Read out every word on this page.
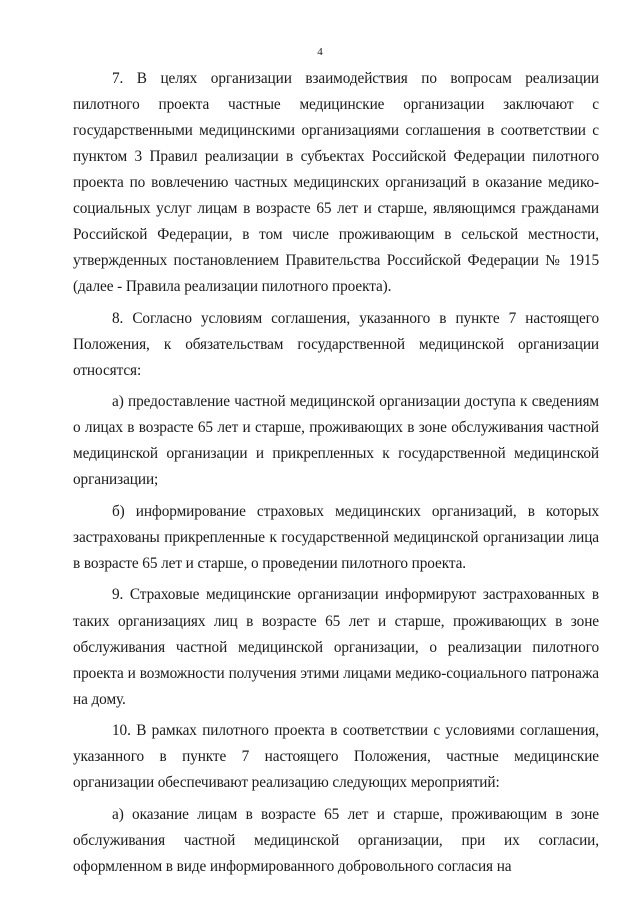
4

7. В целях организации взаимодействия по вопросам реализации пилотного проекта частные медицинские организации заключают с государственными медицинскими организациями соглашения в соответствии с пунктом 3 Правил реализации в субъектах Российской Федерации пилотного проекта по вовлечению частных медицинских организаций в оказание медико-социальных услуг лицам в возрасте 65 лет и старше, являющимся гражданами Российской Федерации, в том числе проживающим в сельской местности, утвержденных постановлением Правительства Российской Федерации № 1915 (далее - Правила реализации пилотного проекта).

8. Согласно условиям соглашения, указанного в пункте 7 настоящего Положения, к обязательствам государственной медицинской организации относятся:

а) предоставление частной медицинской организации доступа к сведениям о лицах в возрасте 65 лет и старше, проживающих в зоне обслуживания частной медицинской организации и прикрепленных к государственной медицинской организации;

б) информирование страховых медицинских организаций, в которых застрахованы прикрепленные к государственной медицинской организации лица в возрасте 65 лет и старше, о проведении пилотного проекта.

9. Страховые медицинские организации информируют застрахованных в таких организациях лиц в возрасте 65 лет и старше, проживающих в зоне обслуживания частной медицинской организации, о реализации пилотного проекта и возможности получения этими лицами медико-социального патронажа на дому.

10. В рамках пилотного проекта в соответствии с условиями соглашения, указанного в пункте 7 настоящего Положения, частные медицинские организации обеспечивают реализацию следующих мероприятий:

а) оказание лицам в возрасте 65 лет и старше, проживающим в зоне обслуживания частной медицинской организации, при их согласии, оформленном в виде информированного добровольного согласия на
